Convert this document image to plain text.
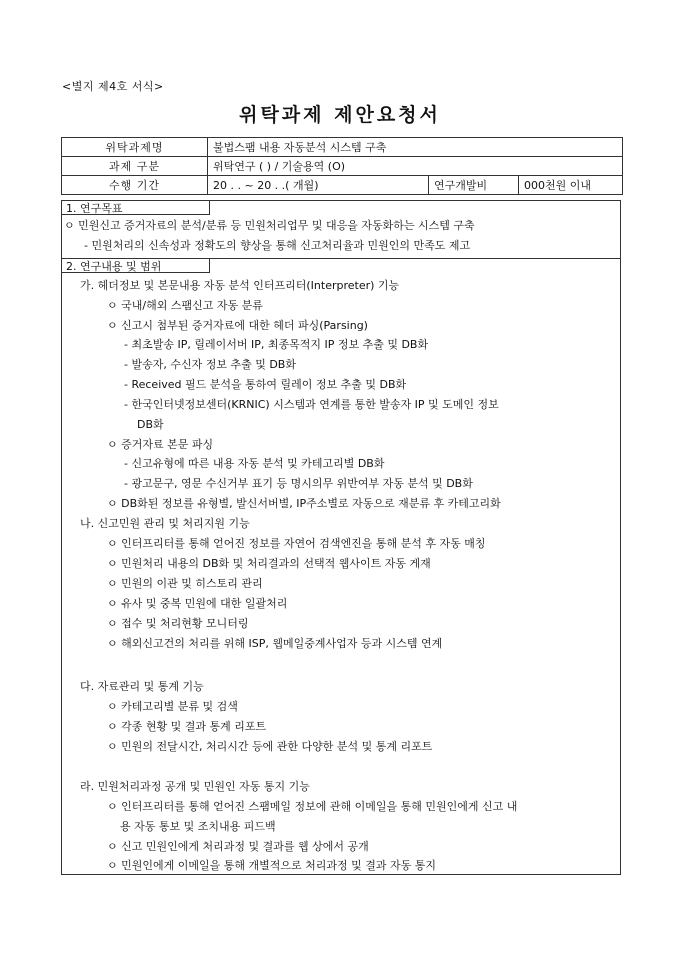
<별지 제4호 서식>
위탁과제 제안요청서
위탁과제명	불법스팸 내용 자동분석 시스템 구축		
과제 구분	위탁연구 ( ) / 기술용역 (O)		
수행 기간	20 . . ~ 20 . .( 개월)	연구개발비	000천원 이내
1. 연구목표
ㅇ 민원신고 증거자료의 분석/분류 등 민원처리업무 및 대응을 자동화하는 시스템 구축
- 민원처리의 신속성과 정확도의 향상을 통해 신고처리율과 민원인의 만족도 제고
2. 연구내용 및 범위
가. 헤더정보 및 본문내용 자동 분석 인터프리터(Interpreter) 기능
ㅇ 국내/해외 스팸신고 자동 분류
ㅇ 신고시 첨부된 증거자료에 대한 헤더 파싱(Parsing)
- 최초발송 IP, 릴레이서버 IP, 최종목적지 IP 정보 추출 및 DB화
- 발송자, 수신자 정보 추출 및 DB화
- Received 필드 분석을 통하여 릴레이 정보 추출 및 DB화
- 한국인터넷정보센터(KRNIC) 시스템과 연계를 통한 발송자 IP 및 도메인 정보
DB화
ㅇ 증거자료 본문 파싱
- 신고유형에 따른 내용 자동 분석 및 카테고리별 DB화
- 광고문구, 영문 수신거부 표기 등 명시의무 위반여부 자동 분석 및 DB화
ㅇ DB화된 정보를 유형별, 발신서버별, IP주소별로 자동으로 재분류 후 카테고리화
나. 신고민원 관리 및 처리지원 기능
ㅇ 인터프리터를 통해 얻어진 정보를 자연어 검색엔진을 통해 분석 후 자동 매칭
ㅇ 민원처리 내용의 DB화 및 처리결과의 선택적 웹사이트 자동 게재
ㅇ 민원의 이관 및 히스토리 관리
ㅇ 유사 및 중복 민원에 대한 일괄처리
ㅇ 접수 및 처리현황 모니터링
ㅇ 해외신고건의 처리를 위해 ISP, 웹메일중계사업자 등과 시스템 연계
다. 자료관리 및 통계 기능
ㅇ 카테고리별 분류 및 검색
ㅇ 각종 현황 및 결과 통계 리포트
ㅇ 민원의 전달시간, 처리시간 등에 관한 다양한 분석 및 통계 리포트
라. 민원처리과정 공개 및 민원인 자동 통지 기능
ㅇ 인터프리터를 통해 얻어진 스팸메일 정보에 관해 이메일을 통해 민원인에게 신고 내
용 자동 통보 및 조치내용 피드백
ㅇ 신고 민원인에게 처리과정 및 결과를 웹 상에서 공개
ㅇ 민원인에게 이메일을 통해 개별적으로 처리과정 및 결과 자동 통지
